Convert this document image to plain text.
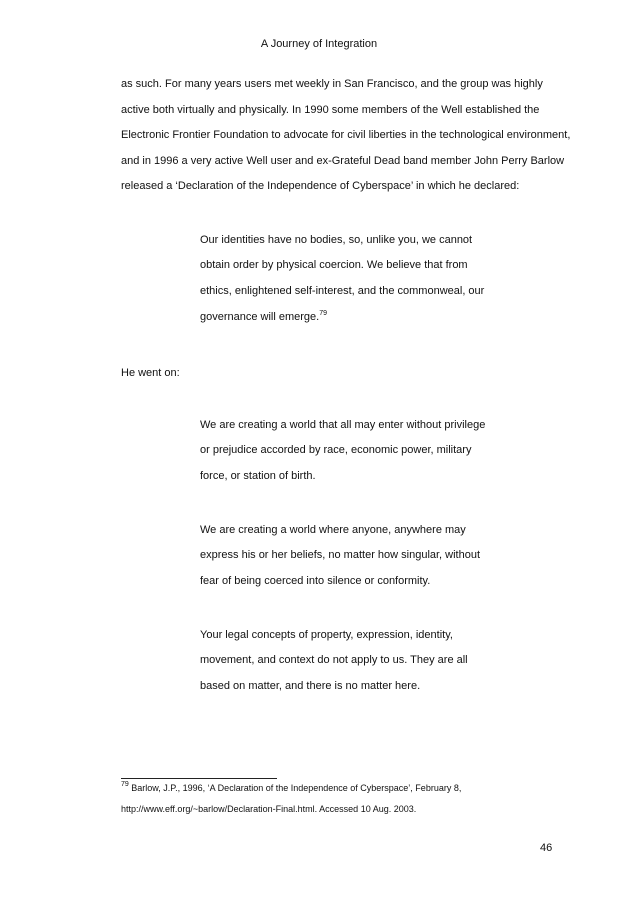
A Journey of Integration
as such. For many years users met weekly in San Francisco, and the group was highly
active both virtually and physically. In 1990 some members of the Well established the
Electronic Frontier Foundation to advocate for civil liberties in the technological environment,
and in 1996 a very active Well user and ex-Grateful Dead band member John Perry Barlow
released a ‘Declaration of the Independence of Cyberspace’ in which he declared:
Our identities have no bodies, so, unlike you, we cannot
obtain order by physical coercion. We believe that from
ethics, enlightened self-interest, and the commonweal, our
governance will emerge.$^{79}$
He went on:
We are creating a world that all may enter without privilege
or prejudice accorded by race, economic power, military
force, or station of birth.
We are creating a world where anyone, anywhere may
express his or her beliefs, no matter how singular, without
fear of being coerced into silence or conformity.
Your legal concepts of property, expression, identity,
movement, and context do not apply to us. They are all
based on matter, and there is no matter here.
$^{79}$ Barlow, J.P., 1996, ‘A Declaration of the Independence of Cyberspace’, February 8,
http://www.eff.org/~barlow/Declaration-Final.html. Accessed 10 Aug. 2003.
46
